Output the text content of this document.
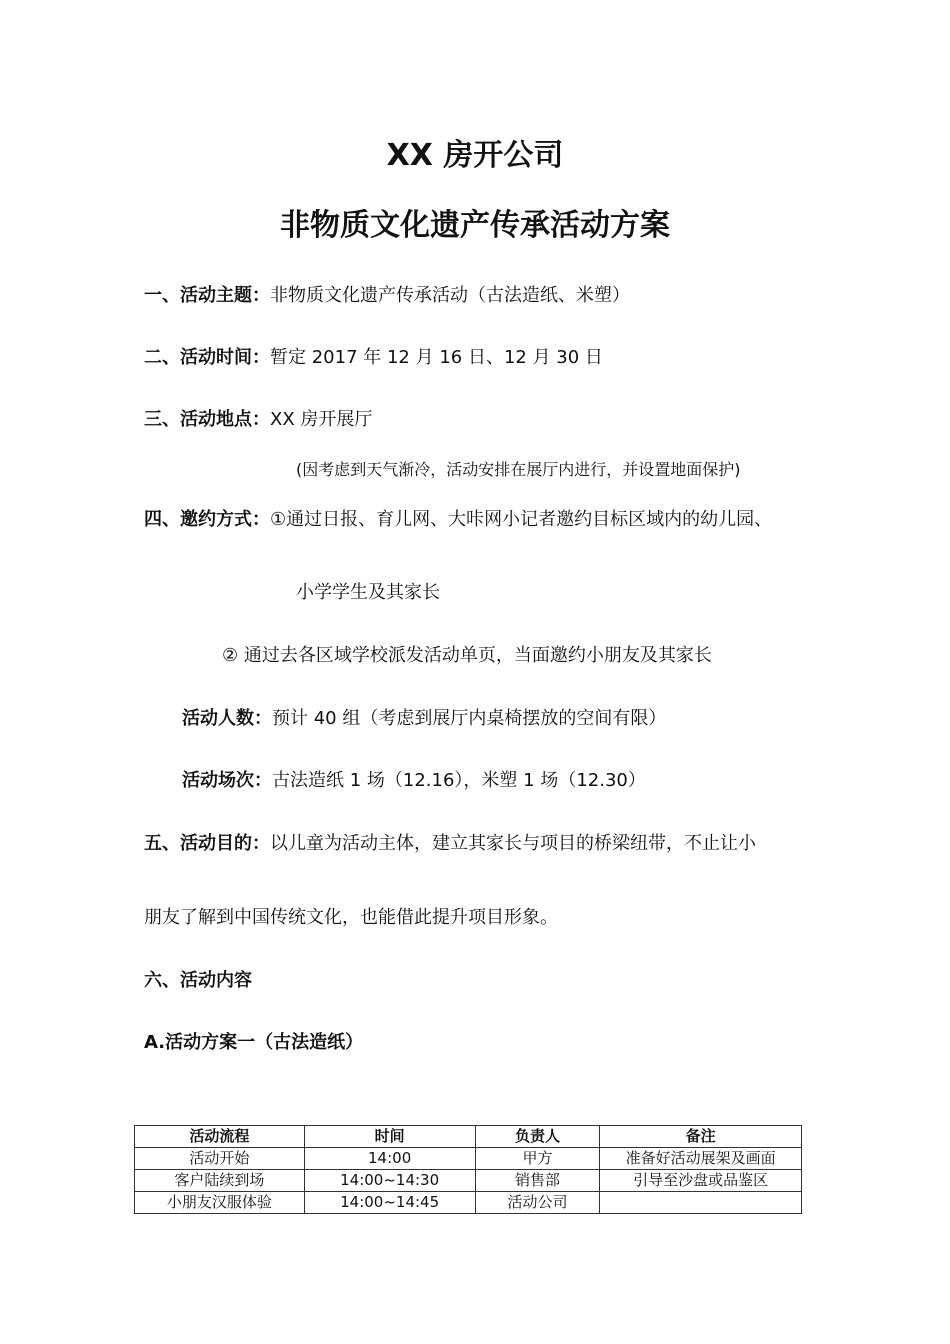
XX 房开公司
非物质文化遗产传承活动方案
一、活动主题：非物质文化遗产传承活动（古法造纸、米塑）
二、活动时间：暂定 2017 年 12 月 16 日、12 月 30 日
三、活动地点：XX 房开展厅
(因考虑到天气渐冷，活动安排在展厅内进行，并设置地面保护)
四、邀约方式：①通过日报、育儿网、大咔网小记者邀约目标区域内的幼儿园、
小学学生及其家长
② 通过去各区域学校派发活动单页，当面邀约小朋友及其家长
活动人数：预计 40 组（考虑到展厅内桌椅摆放的空间有限）
活动场次：古法造纸 1 场（12.16），米塑 1 场（12.30）
五、活动目的：以儿童为活动主体，建立其家长与项目的桥梁纽带，不止让小
朋友了解到中国传统文化，也能借此提升项目形象。
六、活动内容
A.活动方案一（古法造纸）
活动流程	时间	负责人	备注
活动开始	14:00	甲方	准备好活动展架及画面
客户陆续到场	14:00~14:30	销售部	引导至沙盘或品鉴区
小朋友汉服体验	14:00~14:45	活动公司	
